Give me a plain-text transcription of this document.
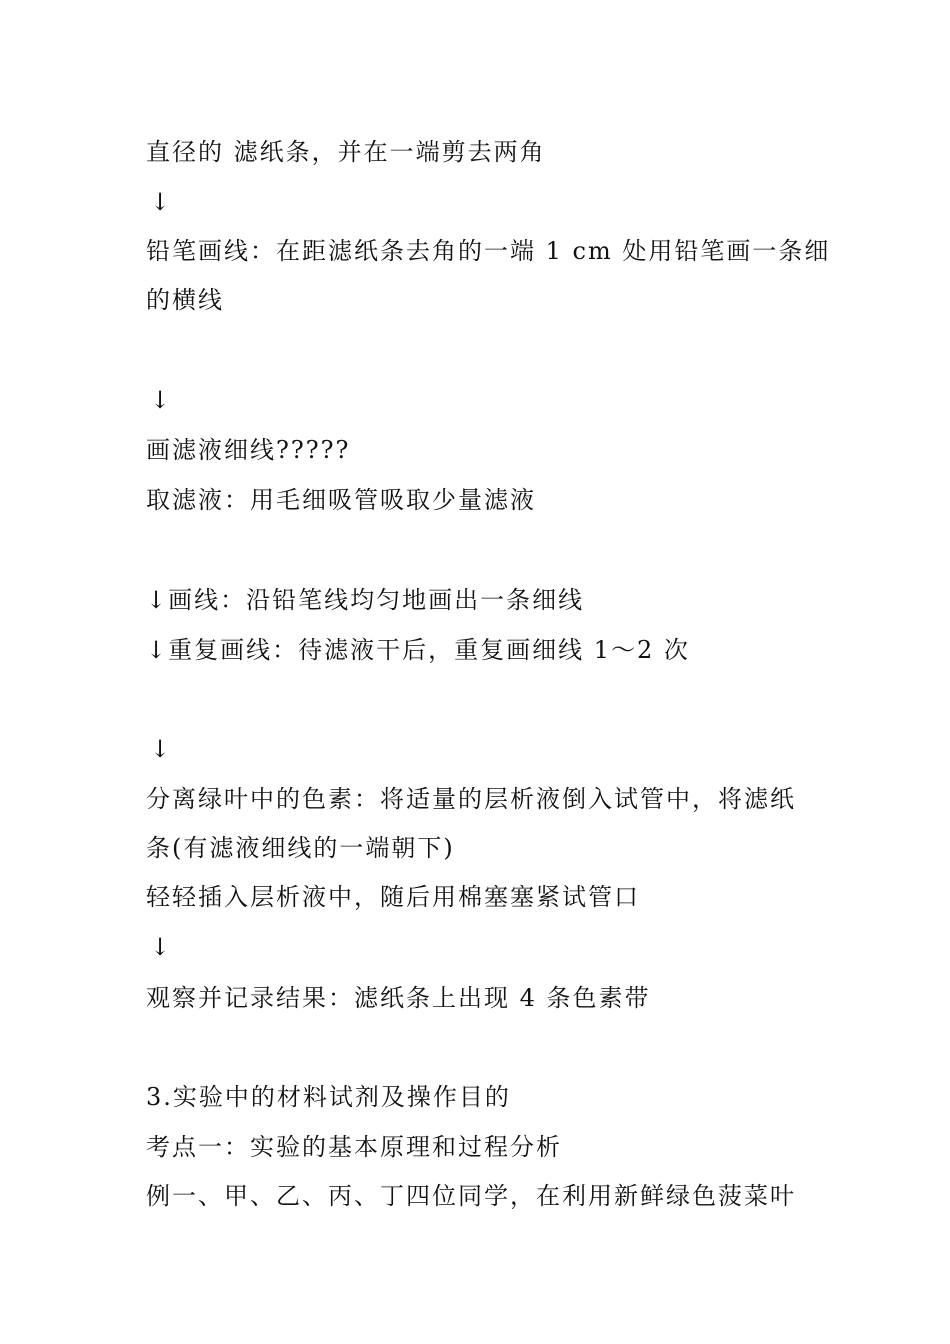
直径的 滤纸条，并在一端剪去两角
↓
铅笔画线：在距滤纸条去角的一端 1 cm 处用铅笔画一条细
的横线
↓
画滤液细线?????
取滤液：用毛细吸管吸取少量滤液
↓画线：沿铅笔线均匀地画出一条细线
↓重复画线：待滤液干后，重复画细线 1～2 次
↓
分离绿叶中的色素：将适量的层析液倒入试管中，将滤纸
条(有滤液细线的一端朝下)
轻轻插入层析液中，随后用棉塞塞紧试管口
↓
观察并记录结果：滤纸条上出现 4 条色素带
3.实验中的材料试剂及操作目的
考点一：实验的基本原理和过程分析
例一、甲、乙、丙、丁四位同学，在利用新鲜绿色菠菜叶
